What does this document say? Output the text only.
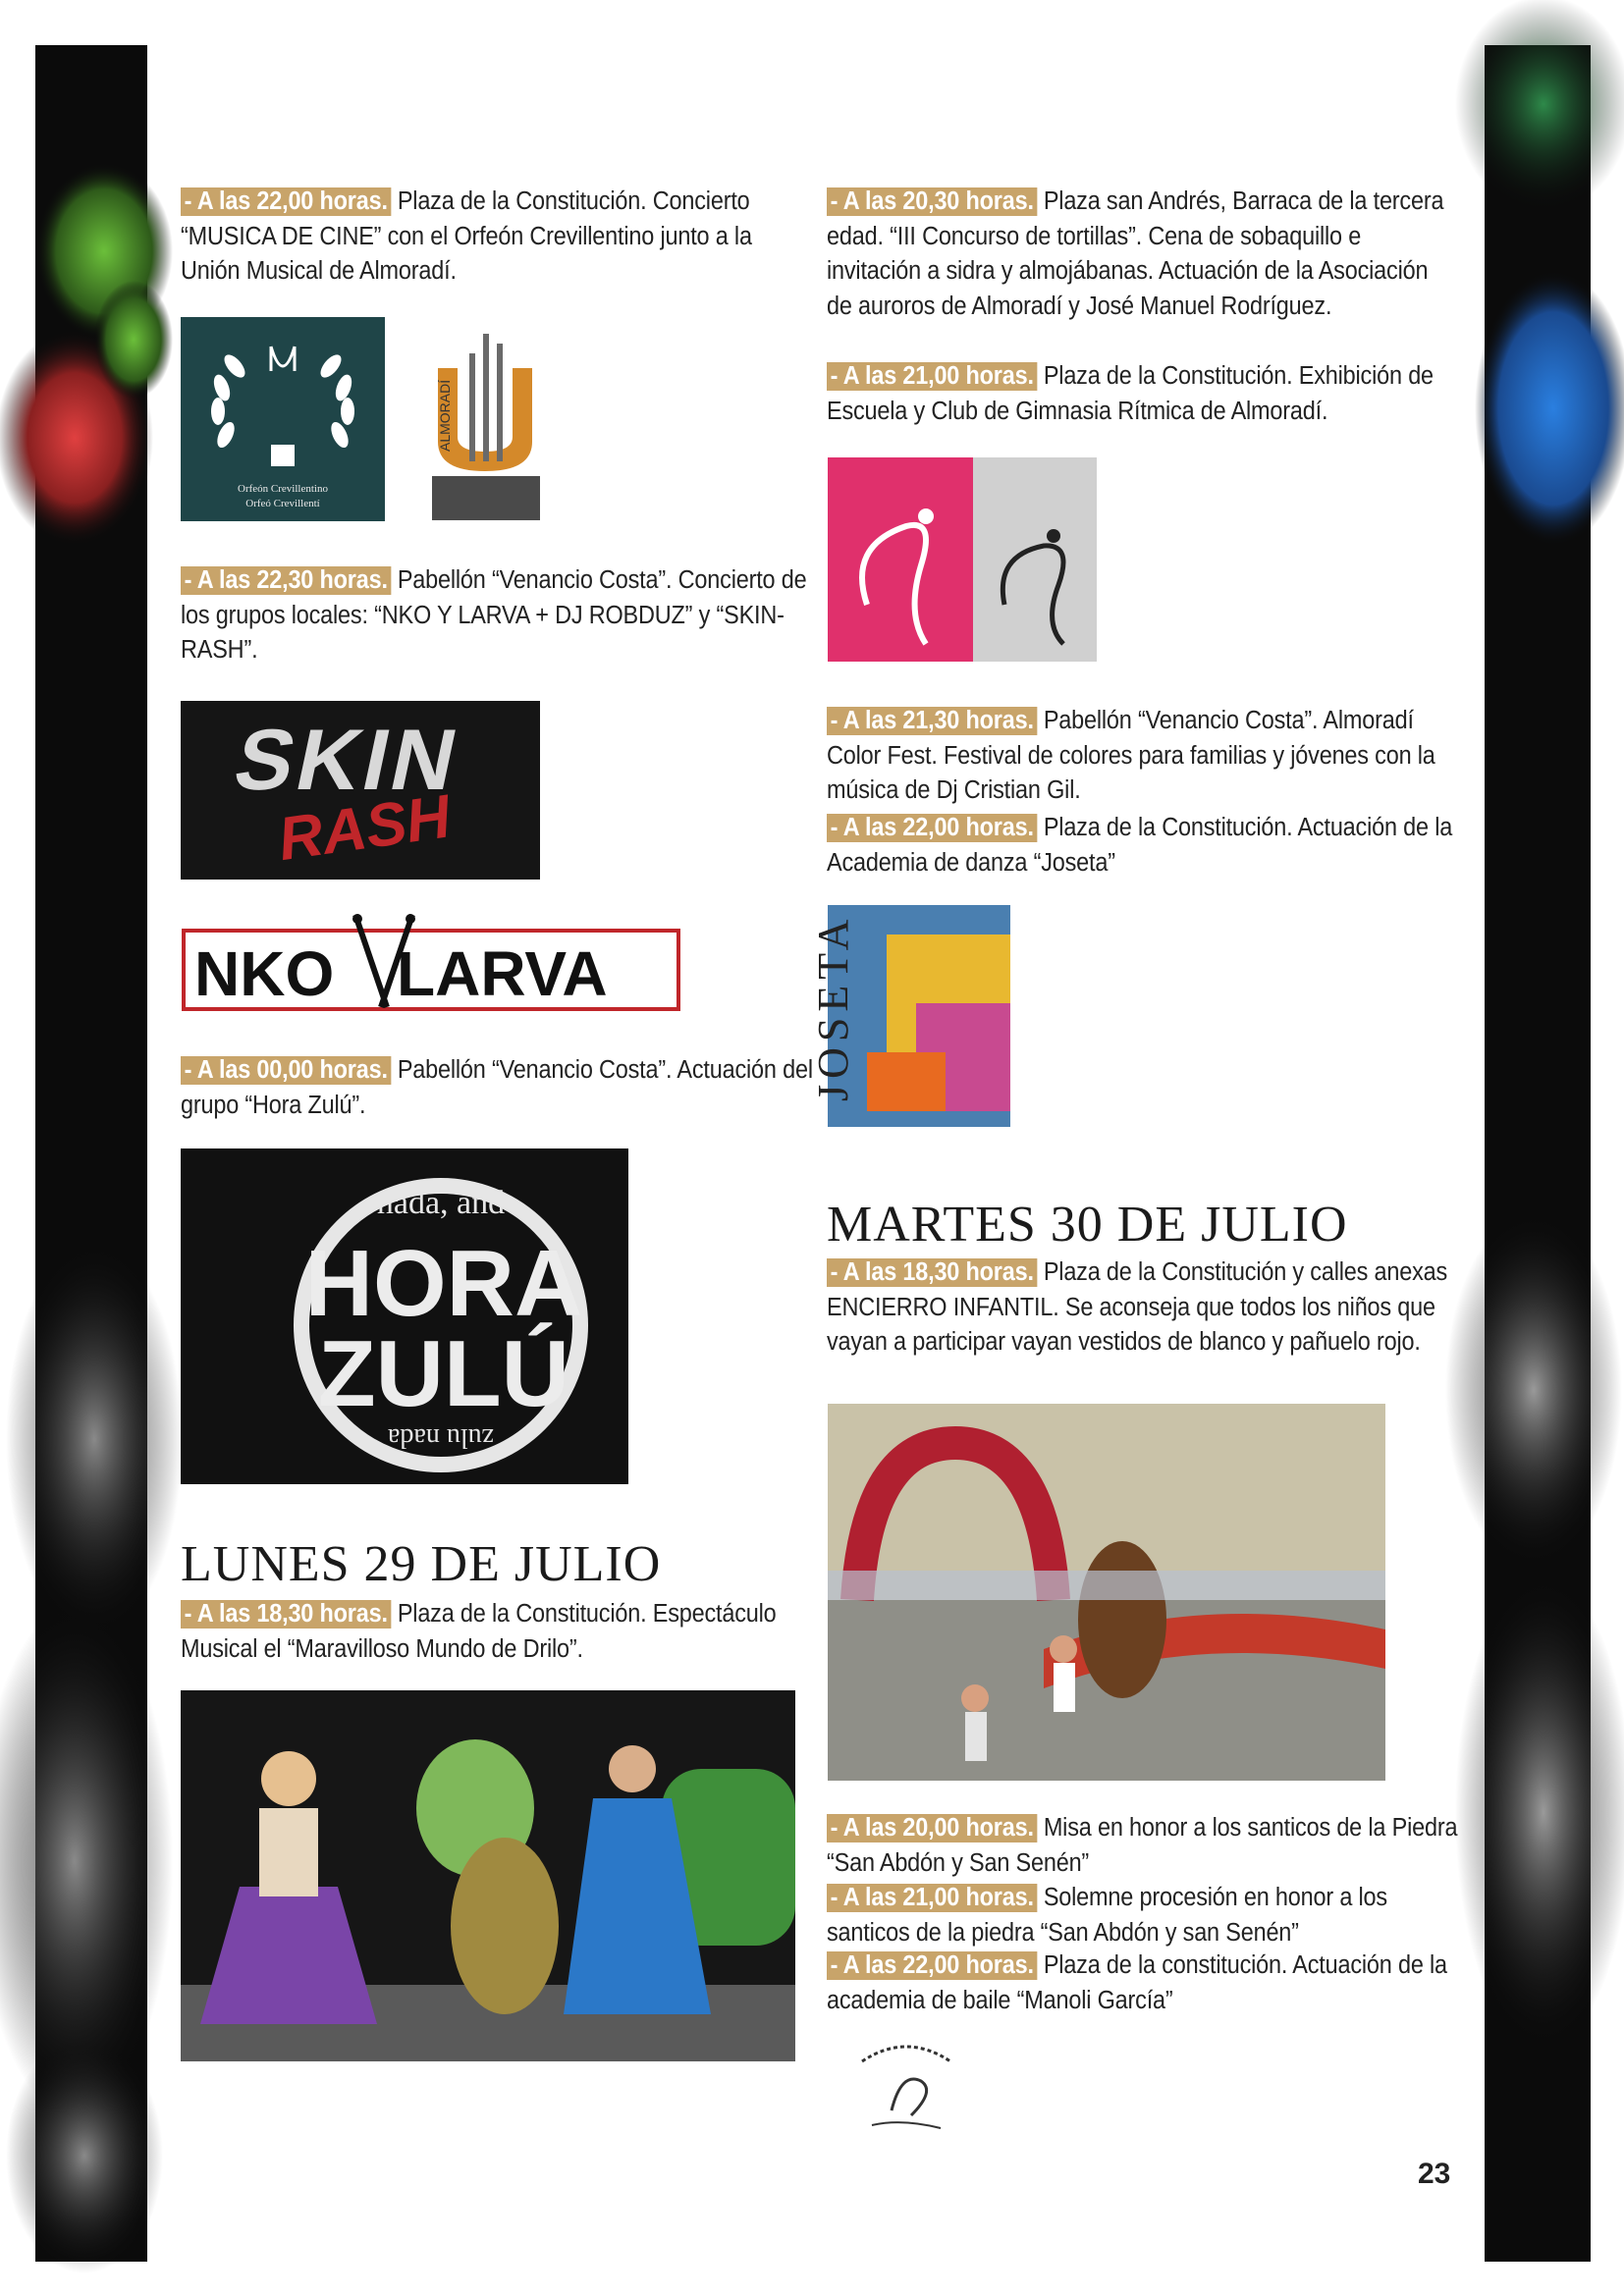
- A las 22,00 horas. Plaza de la Constitución. Concierto “MUSICA DE CINE” con el Orfeón Crevillentino junto a la Unión Musical de Almoradí.

Orfeón Crevillentino
Orfeó Crevillentí
ALMORADÍ

- A las 22,30 horas. Pabellón “Venancio Costa”. Concierto de los grupos locales: “NKO Y LARVA + DJ ROBDUZ” y “SKIN-RASH”.

SKIN
RASH
NKO LARVA

- A las 00,00 horas. Pabellón “Venancio Costa”. Actuación del grupo “Hora Zulú”.

nada, and
zulu nada
HORA
ZULÚ
LUNES 29 DE JULIO

- A las 18,30 horas. Plaza de la Constitución. Espectáculo Musical el “Maravilloso Mundo de Drilo”.

- A las 20,30 horas. Plaza san Andrés, Barraca de la tercera edad. “III Concurso de tortillas”. Cena de sobaquillo e invitación a sidra y almojábanas. Actuación de la Asociación de auroros de Almoradí y José Manuel Rodríguez.

- A las 21,00 horas. Plaza de la Constitución. Exhibición de Escuela y Club de Gimnasia Rítmica de Almoradí.

- A las 21,30 horas. Pabellón “Venancio Costa”. Almoradí Color Fest. Festival de colores para familias y jóvenes con la música de Dj Cristian Gil.

- A las 22,00 horas. Plaza de la Constitución. Actuación de la Academia de danza “Joseta”

JOSETA
MARTES 30 DE JULIO

- A las 18,30 horas. Plaza de la Constitución y calles anexas ENCIERRO INFANTIL. Se aconseja que todos los niños que vayan a participar vayan vestidos de blanco y pañuelo rojo.

- A las 20,00 horas. Misa en honor a los santicos de la Piedra “San Abdón y San Senén”

- A las 21,00 horas. Solemne procesión en honor a los santicos de la piedra “San Abdón y san Senén”

- A las 22,00 horas. Plaza de la constitución. Actuación de la academia de baile “Manoli García”

23
